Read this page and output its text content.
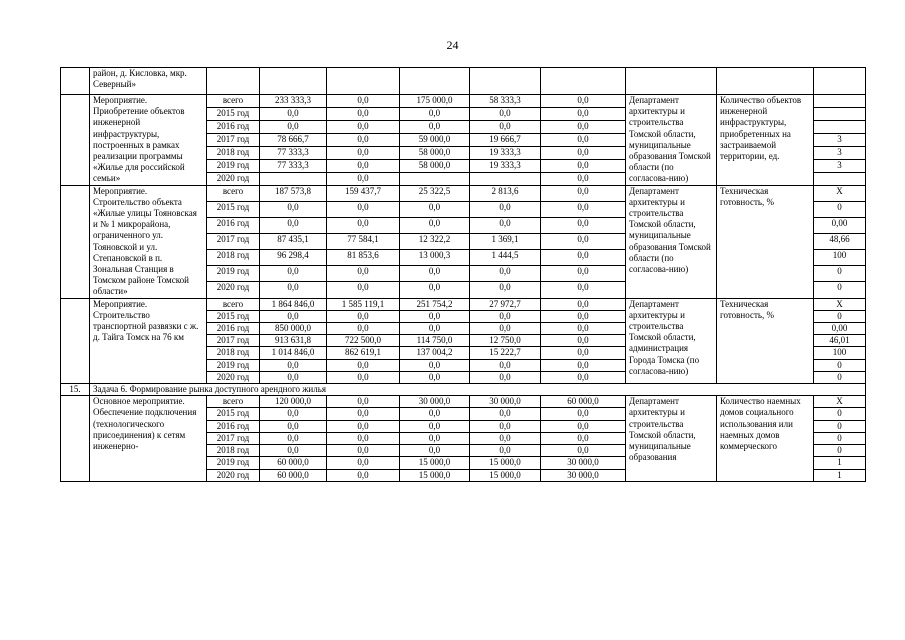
24
	район, д. Кисловка, мкр. Северный»									
	Мероприятие. Приобретение объектов инженерной инфраструктуры, построенных в рамках реализации программы «Жилье для российской семьи»	всего	233 333,3	0,0	175 000,0	58 333,3	0,0	Департамент архитектуры и строительства Томской области, муниципальные образования Томской области (по согласова-нию)	Количество объектов инженерной инфраструктуры, приобретенных на застраиваемой территории, ед.	
		2015 год	0,0	0,0	0,0	0,0	0,0			
		2016 год	0,0	0,0	0,0	0,0	0,0			
		2017 год	78 666,7	0,0	59 000,0	19 666,7	0,0			3
		2018 год	77 333,3	0,0	58 000,0	19 333,3	0,0			3
		2019 год	77 333,3	0,0	58 000,0	19 333,3	0,0			3
		2020 год		0,0			0,0			
	Мероприятие. Строительство объекта «Жилые улицы Тояновская и № 1 микрорайона, ограниченного ул. Тояновской и ул. Степановской в п. Зональная Станция в Томском районе Томской области»	всего	187 573,8	159 437,7	25 322,5	2 813,6	0,0	Департамент архитектуры и строительства Томской области, муниципальные образования Томской области (по согласова-нию)	Техническая готовность, %	X
		2015 год	0,0	0,0	0,0	0,0	0,0			0
		2016 год	0,0	0,0	0,0	0,0	0,0			0,00
		2017 год	87 435,1	77 584,1	12 322,2	1 369,1	0,0			48,66
		2018 год	96 298,4	81 853,6	13 000,3	1 444,5	0,0			100
		2019 год	0,0	0,0	0,0	0,0	0,0			0
		2020 год	0,0	0,0	0,0	0,0	0,0			0
	Мероприятие. Строительство транспортной развязки с ж. д. Тайга Томск на 76 км	всего	1 864 846,0	1 585 119,1	251 754,2	27 972,7	0,0	Департамент архитектуры и строительства Томской области, администрация Города Томска (по согласова-нию)	Техническая готовность, %	X
		2015 год	0,0	0,0	0,0	0,0	0,0			0
		2016 год	850 000,0	0,0	0,0	0,0	0,0			0,00
		2017 год	913 631,8	722 500,0	114 750,0	12 750,0	0,0			46,01
		2018 год	1 014 846,0	862 619,1	137 004,2	15 222,7	0,0			100
		2019 год	0,0	0,0	0,0	0,0	0,0			0
		2020 год	0,0	0,0	0,0	0,0	0,0			0
15.	Задача 6. Формирование рынка доступного арендного жилья									
	Основное мероприятие. Обеспечение подключения (технологического присоединения) к сетям инженерно-	всего	120 000,0	0,0	30 000,0	30 000,0	60 000,0	Департамент архитектуры и строительства Томской области, муниципальные образования	Количество наемных домов социального использования или наемных домов коммерческого	X
		2015 год	0,0	0,0	0,0	0,0	0,0			0
		2016 год	0,0	0,0	0,0	0,0	0,0			0
		2017 год	0,0	0,0	0,0	0,0	0,0			0
		2018 год	0,0	0,0	0,0	0,0	0,0			0
		2019 год	60 000,0	0,0	15 000,0	15 000,0	30 000,0			1
		2020 год	60 000,0	0,0	15 000,0	15 000,0	30 000,0			1
